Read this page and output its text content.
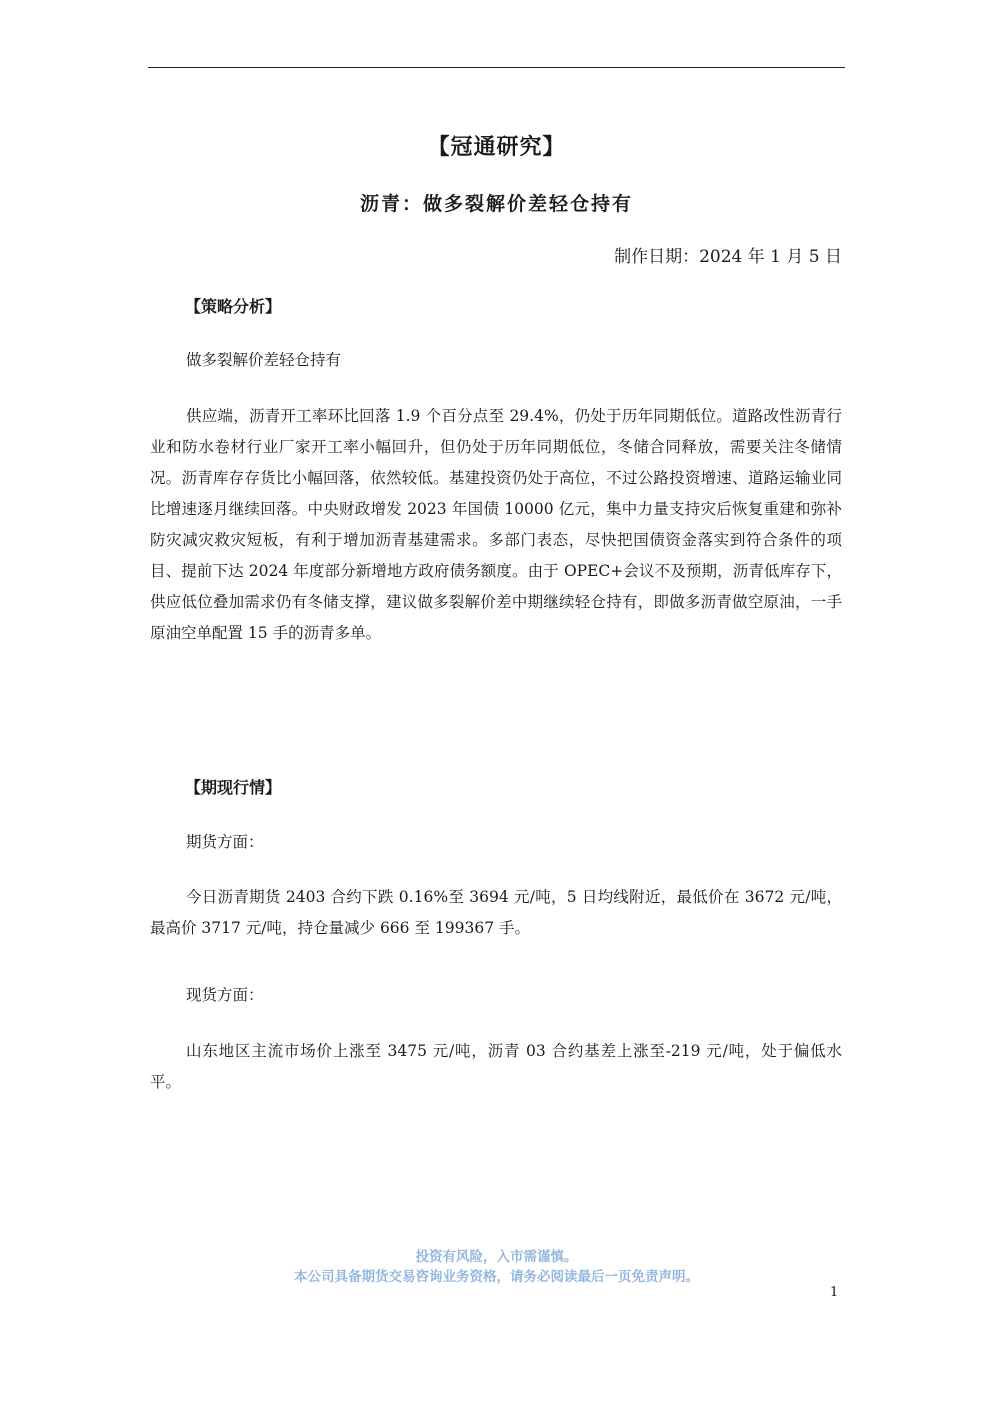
【冠通研究】
沥青：做多裂解价差轻仓持有
制作日期：2024 年 1 月 5 日
【策略分析】

做多裂解价差轻仓持有

供应端，沥青开工率环比回落 1.9 个百分点至 29.4%，仍处于历年同期低位。道路改性沥青行业和防水卷材行业厂家开工率小幅回升，但仍处于历年同期低位，冬储合同释放，需要关注冬储情况。沥青库存存货比小幅回落，依然较低。基建投资仍处于高位，不过公路投资增速、道路运输业同比增速逐月继续回落。中央财政增发 2023 年国债 10000 亿元，集中力量支持灾后恢复重建和弥补防灾减灾救灾短板，有利于增加沥青基建需求。多部门表态，尽快把国债资金落实到符合条件的项目、提前下达 2024 年度部分新增地方政府债务额度。由于 OPEC+会议不及预期，沥青低库存下，供应低位叠加需求仍有冬储支撑，建议做多裂解价差中期继续轻仓持有，即做多沥青做空原油，一手原油空单配置 15 手的沥青多单。

【期现行情】

期货方面：

今日沥青期货 2403 合约下跌 0.16%至 3694 元/吨，5 日均线附近，最低价在 3672 元/吨，最高价 3717 元/吨，持仓量减少 666 至 199367 手。

现货方面：

山东地区主流市场价上涨至 3475 元/吨，沥青 03 合约基差上涨至-219 元/吨，处于偏低水平。

投资有风险，入市需谨慎。
本公司具备期货交易咨询业务资格，请务必阅读最后一页免责声明。
1
